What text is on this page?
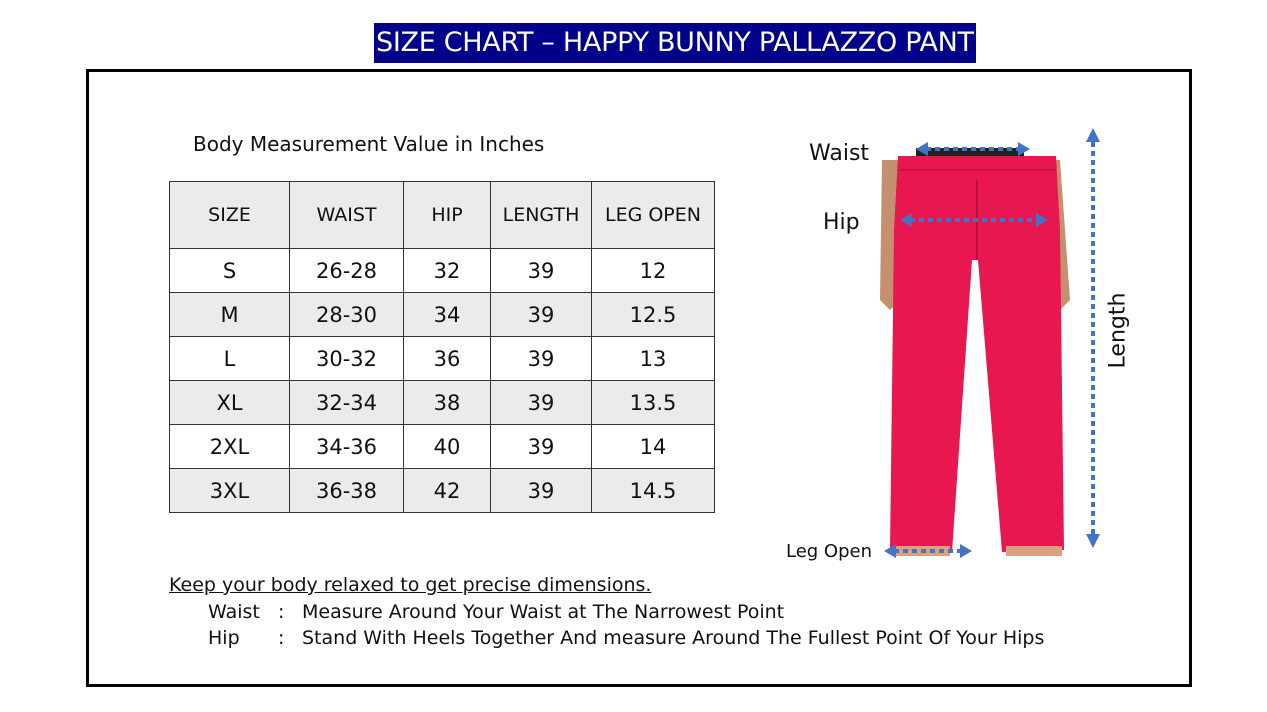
SIZE CHART – HAPPY BUNNY PALLAZZO PANT
Body Measurement Value in Inches
SIZE	WAIST	HIP	LENGTH	LEG OPEN
S	26-28	32	39	12
M	28-30	34	39	12.5
L	30-32	36	39	13
XL	32-34	38	39	13.5
2XL	34-36	40	39	14
3XL	36-38	42	39	14.5
Keep your body relaxed to get precise dimensions.
Waist : Measure Around Your Waist at The Narrowest Point
Hip : Stand With Heels Together And measure Around The Fullest Point Of Your Hips
Waist
Hip
Leg Open
Length
